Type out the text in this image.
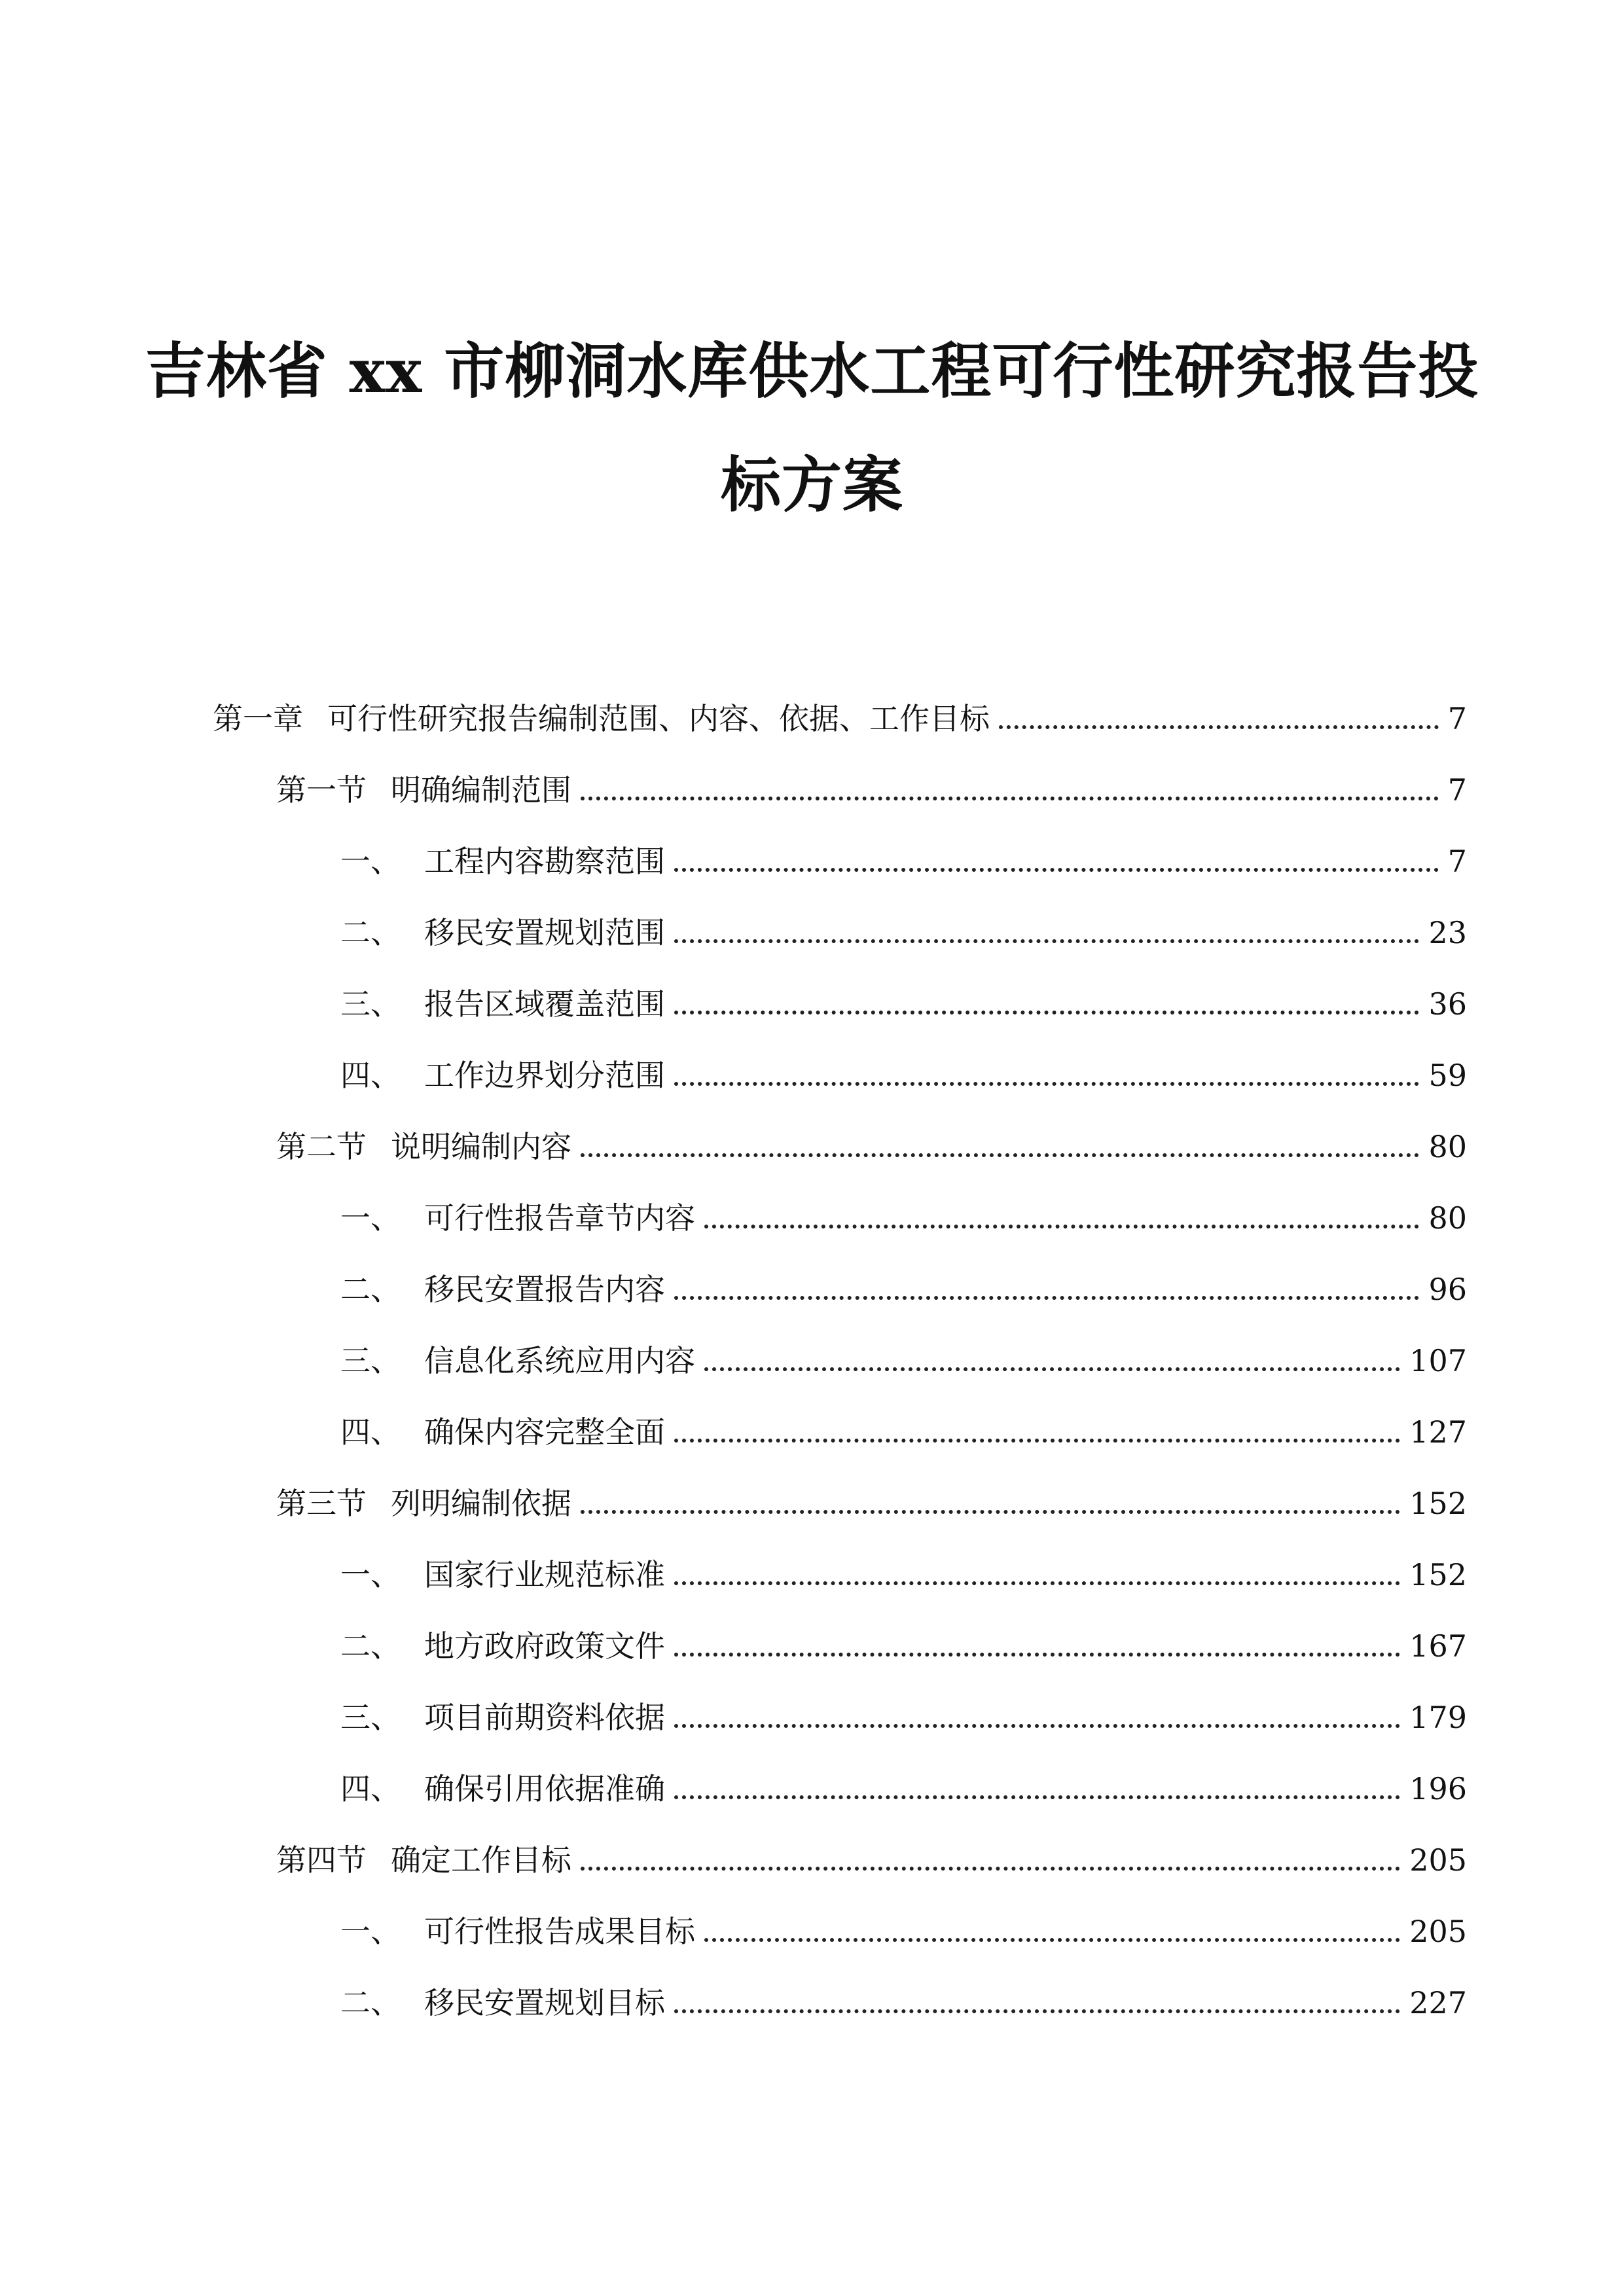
吉林省 xx 市柳洞水库供水工程可行性研究报告投
标方案
第一章 可行性研究报告编制范围、内容、依据、工作目标	7
第一节 明确编制范围	7
一、 工程内容勘察范围	7
二、 移民安置规划范围	23
三、 报告区域覆盖范围	36
四、 工作边界划分范围	59
第二节 说明编制内容	80
一、 可行性报告章节内容	80
二、 移民安置报告内容	96
三、 信息化系统应用内容	107
四、 确保内容完整全面	127
第三节 列明编制依据	152
一、 国家行业规范标准	152
二、 地方政府政策文件	167
三、 项目前期资料依据	179
四、 确保引用依据准确	196
第四节 确定工作目标	205
一、 可行性报告成果目标	205
二、 移民安置规划目标	227
